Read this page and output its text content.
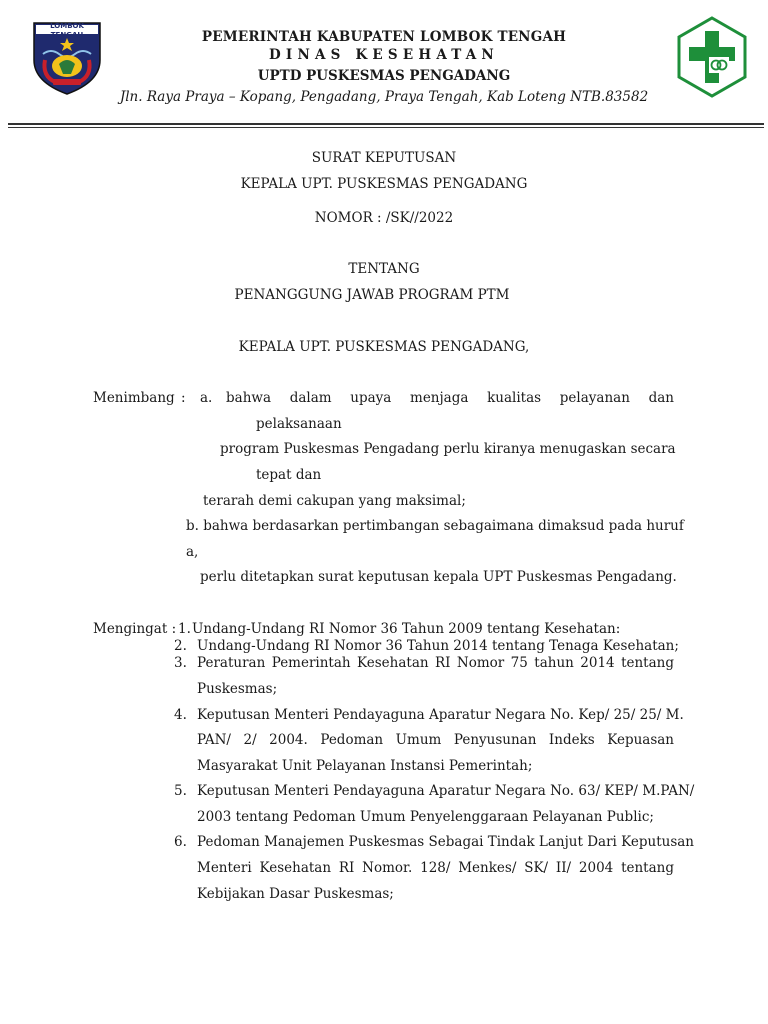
LOMBOK TENGAH	PEMERINTAH KABUPATEN LOMBOK TENGAH
DINAS KESEHATAN
UPTD PUSKESMAS PENGADANG
Jln. Raya Praya – Kopang, Pengadang, Praya Tengah, Kab Loteng NTB.83582
SURAT KEPUTUSAN
KEPALA UPT. PUSKESMAS PENGADANG
NOMOR : /SK//2022
TENTANG
PENANGGUNG JAWAB PROGRAM PTM
KEPALA UPT. PUSKESMAS PENGADANG,
Menimbang : a. bahwa dalam upaya menjaga kualitas pelayanan dan
pelaksanaan
program Puskesmas Pengadang perlu kiranya menugaskan secara
tepat dan
terarah demi cakupan yang maksimal;
b. bahwa berdasarkan pertimbangan sebagaimana dimaksud pada huruf
a,
perlu ditetapkan surat keputusan kepala UPT Puskesmas Pengadang.
Mengingat : 1. Undang-Undang RI Nomor 36 Tahun 2009 tentang Kesehatan:
2. Undang-Undang RI Nomor 36 Tahun 2014 tentang Tenaga Kesehatan;
3. Peraturan Pemerintah Kesehatan RI Nomor 75 tahun 2014 tentang
Puskesmas;
4. Keputusan Menteri Pendayaguna Aparatur Negara No. Kep/ 25/ 25/ M.
PAN/ 2/ 2004. Pedoman Umum Penyusunan Indeks Kepuasan
Masyarakat Unit Pelayanan Instansi Pemerintah;
5. Keputusan Menteri Pendayaguna Aparatur Negara No. 63/ KEP/ M.PAN/
2003 tentang Pedoman Umum Penyelenggaraan Pelayanan Public;
6. Pedoman Manajemen Puskesmas Sebagai Tindak Lanjut Dari Keputusan
Menteri Kesehatan RI Nomor. 128/ Menkes/ SK/ II/ 2004 tentang
Kebijakan Dasar Puskesmas;
